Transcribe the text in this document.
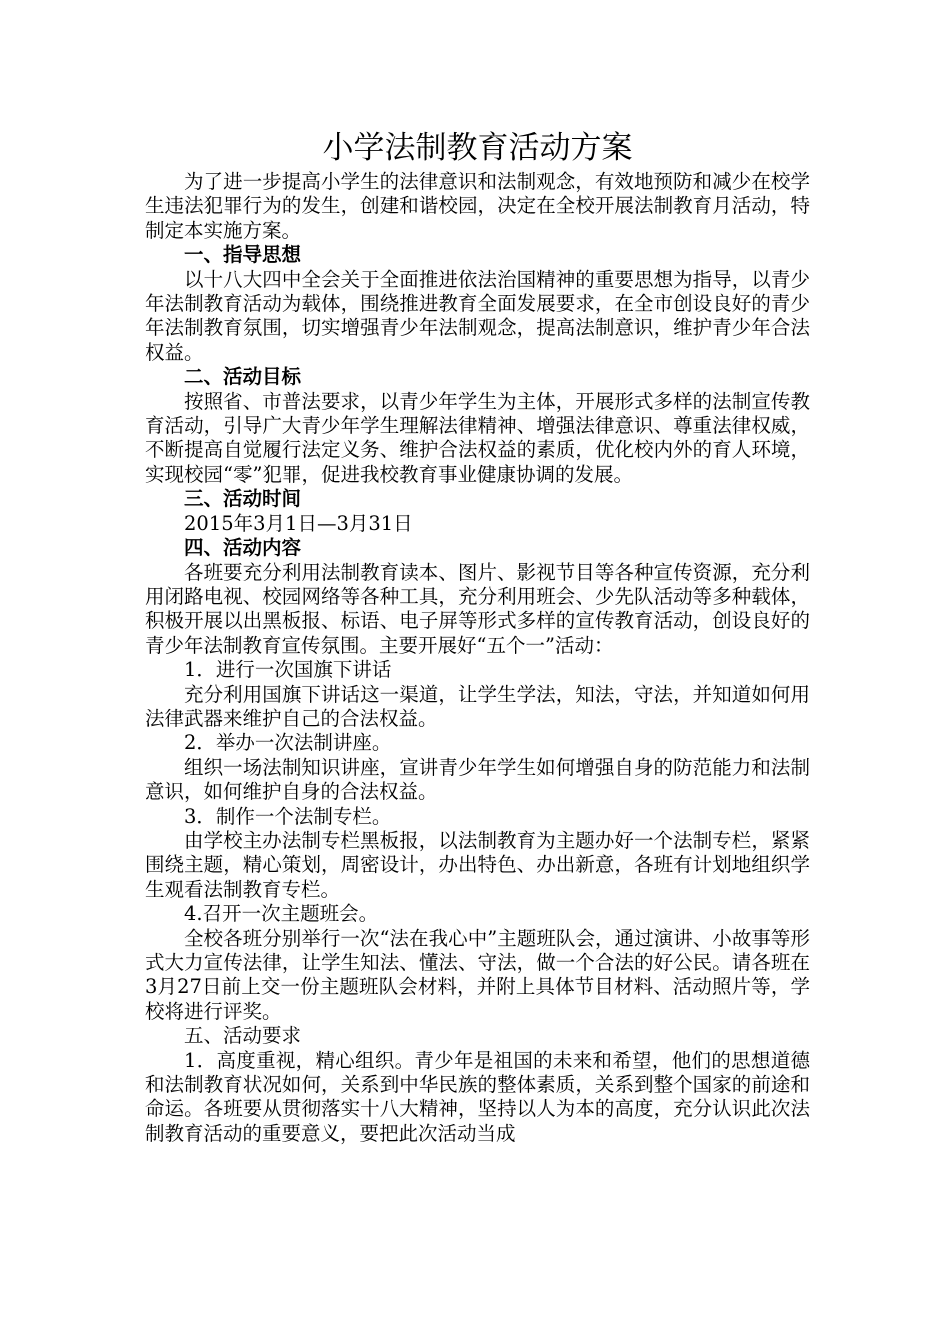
小学法制教育活动方案

为了进一步提高小学生的法律意识和法制观念，有效地预防和减少在校学生违法犯罪行为的发生，创建和谐校园，决定在全校开展法制教育月活动，特制定本实施方案。

一、指导思想

以十八大四中全会关于全面推进依法治国精神的重要思想为指导，以青少年法制教育活动为载体，围绕推进教育全面发展要求，在全市创设良好的青少年法制教育氛围，切实增强青少年法制观念，提高法制意识，维护青少年合法权益。

二、活动目标

按照省、市普法要求，以青少年学生为主体，开展形式多样的法制宣传教育活动，引导广大青少年学生理解法律精神、增强法律意识、尊重法律权威，不断提高自觉履行法定义务、维护合法权益的素质，优化校内外的育人环境，实现校园“零”犯罪，促进我校教育事业健康协调的发展。

三、活动时间

2015年3月1日—3月31日

四、活动内容

各班要充分利用法制教育读本、图片、影视节目等各种宣传资源，充分利用闭路电视、校园网络等各种工具，充分利用班会、少先队活动等多种载体，积极开展以出黑板报、标语、电子屏等形式多样的宣传教育活动，创设良好的青少年法制教育宣传氛围。主要开展好“五个一”活动：

1．进行一次国旗下讲话

充分利用国旗下讲话这一渠道，让学生学法，知法，守法，并知道如何用法律武器来维护自己的合法权益。

2．举办一次法制讲座。

组织一场法制知识讲座，宣讲青少年学生如何增强自身的防范能力和法制意识，如何维护自身的合法权益。

3．制作一个法制专栏。

由学校主办法制专栏黑板报，以法制教育为主题办好一个法制专栏，紧紧围绕主题，精心策划，周密设计，办出特色、办出新意，各班有计划地组织学生观看法制教育专栏。

4.召开一次主题班会。

全校各班分别举行一次“法在我心中”主题班队会，通过演讲、小故事等形式大力宣传法律，让学生知法、懂法、守法，做一个合法的好公民。请各班在3月27日前上交一份主题班队会材料，并附上具体节目材料、活动照片等，学校将进行评奖。

五、活动要求

1．高度重视，精心组织。青少年是祖国的未来和希望，他们的思想道德和法制教育状况如何，关系到中华民族的整体素质，关系到整个国家的前途和命运。各班要从贯彻落实十八大精神，坚持以人为本的高度，充分认识此次法制教育活动的重要意义，要把此次活动当成
